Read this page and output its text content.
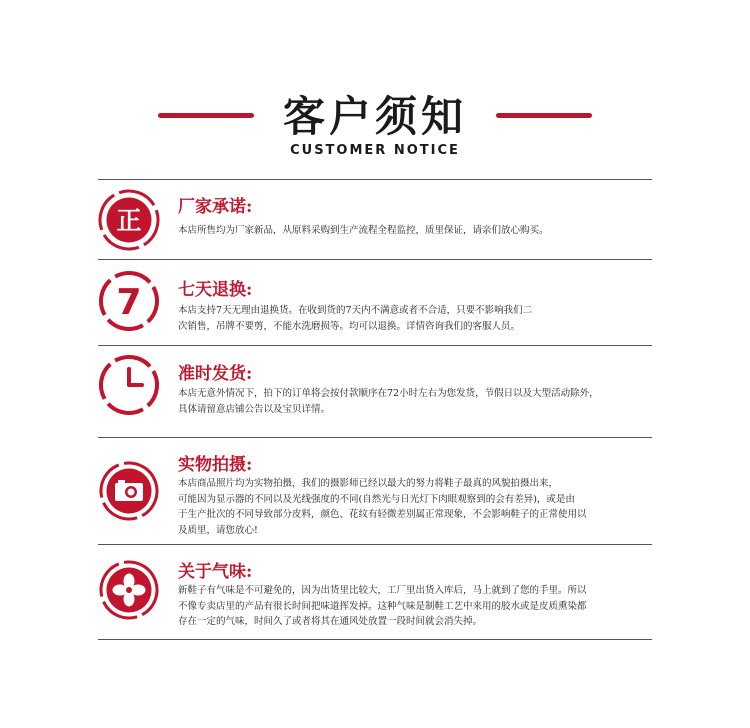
客户须知
CUSTOMER NOTICE
正 厂家承诺:
本店所售均为厂家新品，从原料采购到生产流程全程监控，质里保证，请亲们放心购买。
7 七天退换:
本店支持7天无理由退换货。在收到货的7天内不满意或者不合适，只要不影响我们二
次销售，吊牌不要剪，不能水洗磨损等。均可以退换。详情咨询我们的客服人员。
准时发货:
本店无意外情况下，拍下的订单将会按付款顺序在72小时左右为您发货，节假日以及大型活动除外，
具体请留意店铺公告以及宝贝详情。
实物拍摄:
本店商品照片均为实物拍摄，我们的摄影师已经以最大的努力将鞋子最真的风貌拍摄出来，
可能因为显示器的不同以及光线强度的不同(自然光与日光灯下肉眼观察到的会有差异)，或是由
于生产批次的不同导致部分皮料，颜色、花纹有轻微差别属正常现象，不会影响鞋子的正常使用以
及质里，请您放心!
关于气味:
新鞋子有气味是不可避免的，因为出货里比较大，工厂里出货入库后，马上就到了您的手里。所以
不像专卖店里的产品有很长时间把味道挥发掉。这种气味是制鞋工艺中来用的胶水或是皮质熏染都
存在一定的气味，时间久了或者将其在通风处放置一段时间就会消失掉。
